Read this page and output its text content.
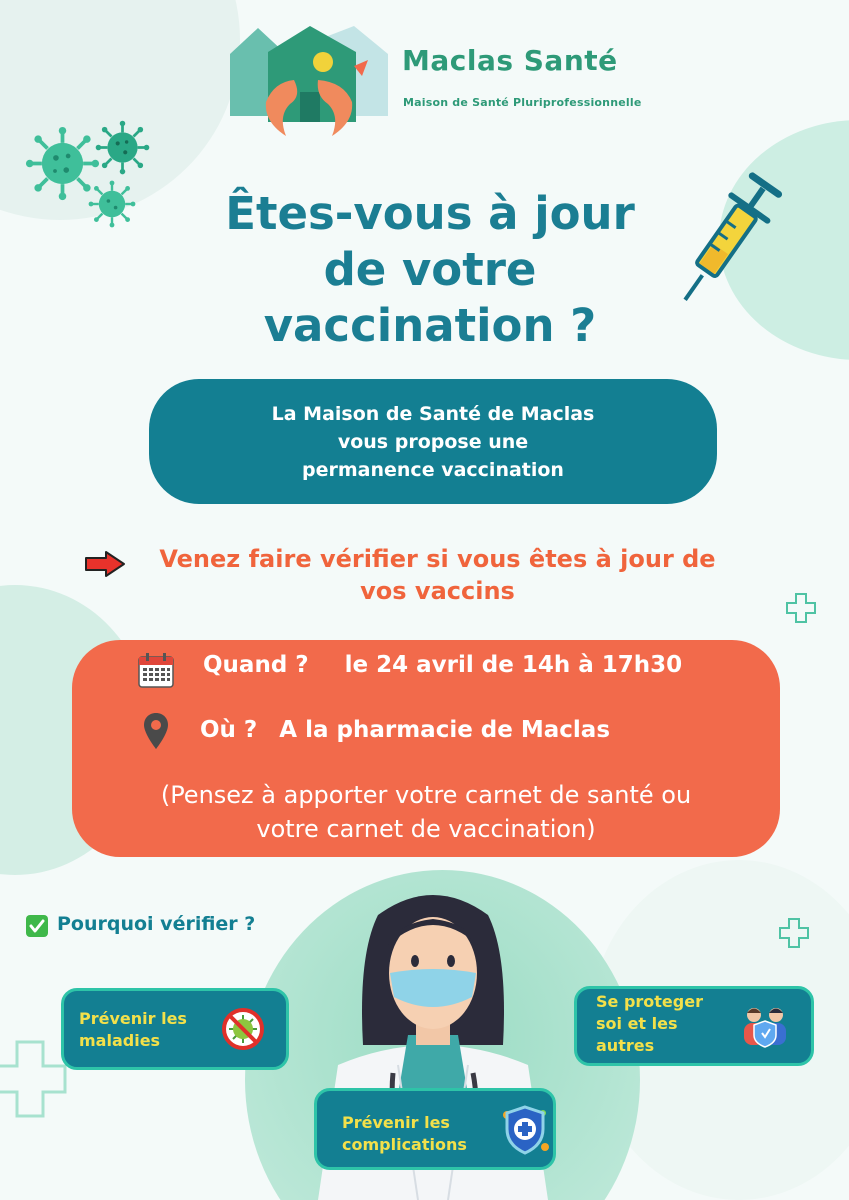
Maclas Santé
Maison de Santé Pluriprofessionnelle
Êtes-vous à jour
de votre
vaccination ?
La Maison de Santé de Maclas
vous propose une
permanence vaccination
Venez faire vérifier si vous êtes à jour de
vos vaccins
Quand ? le 24 avril de 14h à 17h30
Où ? A la pharmacie de Maclas
(Pensez à apporter votre carnet de santé ou
votre carnet de vaccination)
Pourquoi vérifier ?
Prévenir les
maladies
Se proteger
soi et les
autres
Prévenir les
complications
